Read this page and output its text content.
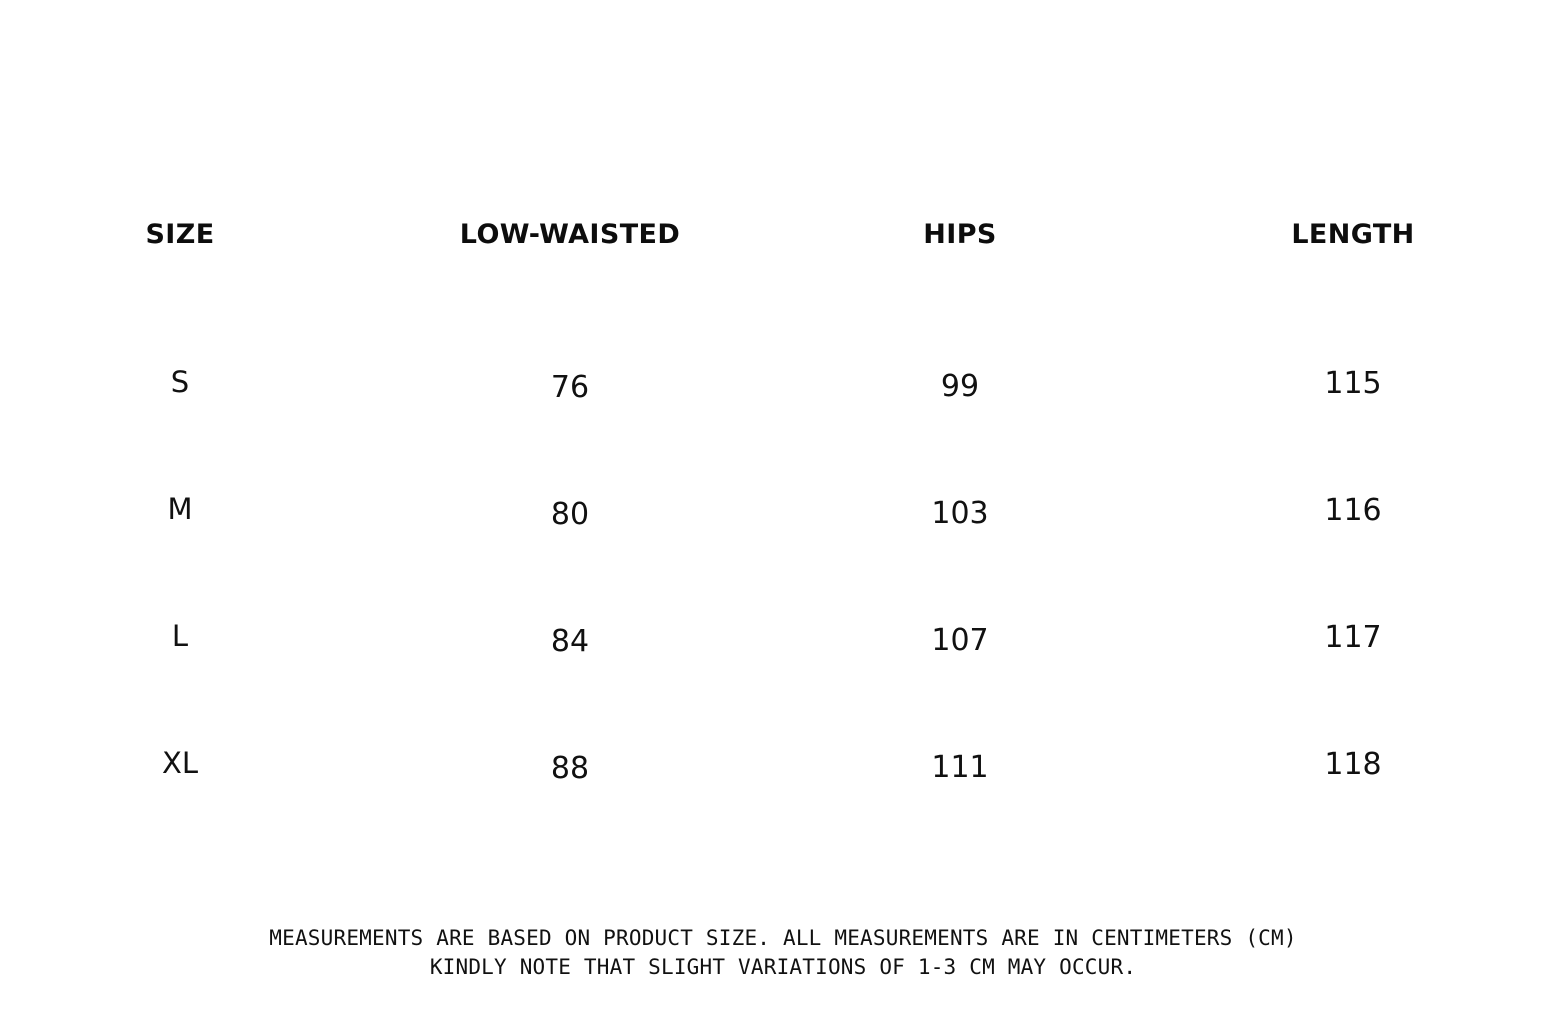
SIZE	LOW-WAISTED	HIPS	LENGTH
S	76	99	115
M	80	103	116
L	84	107	117
XL	88	111	118
MEASUREMENTS ARE BASED ON PRODUCT SIZE. ALL MEASUREMENTS ARE IN CENTIMETERS (CM)
KINDLY NOTE THAT SLIGHT VARIATIONS OF 1-3 CM MAY OCCUR.
